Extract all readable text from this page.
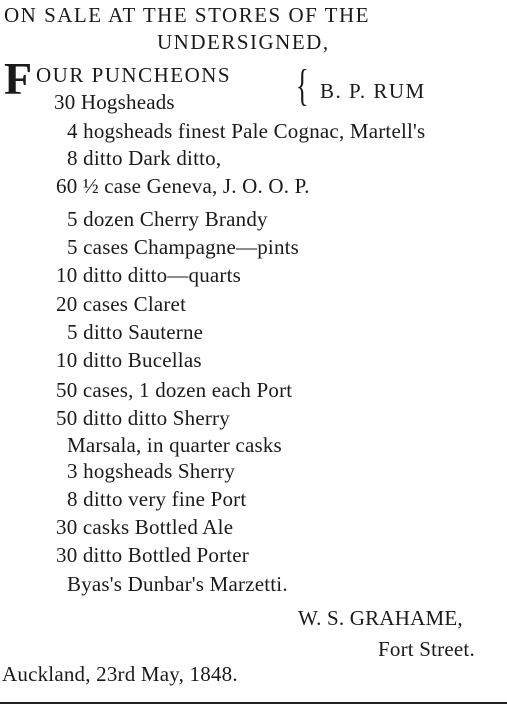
ON SALE AT THE STORES OF THE
UNDERSIGNED,
F OUR PUNCHEONS
30 Hogsheads	{ B. P. RUM
4 hogsheads finest Pale Cognac, Martell's
8 ditto Dark ditto,
60 ½ case Geneva, J. O. O. P.
5 dozen Cherry Brandy
5 cases Champagne—pints
10 ditto ditto—quarts
20 cases Claret
5 ditto Sauterne
10 ditto Bucellas
50 cases, 1 dozen each Port
50 ditto ditto Sherry
Marsala, in quarter casks
3 hogsheads Sherry
8 ditto very fine Port
30 casks Bottled Ale
30 ditto Bottled Porter
Byas's Dunbar's Marzetti.
W. S. GRAHAME,
Fort Street.
Auckland, 23rd May, 1848.
